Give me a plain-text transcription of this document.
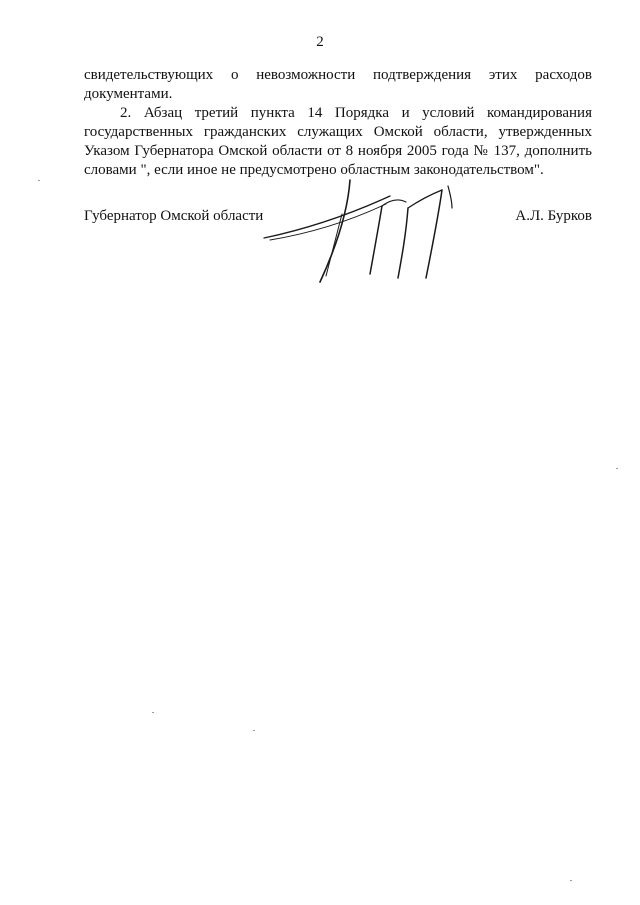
2
свидетельствующих о невозможности подтверждения этих расходов
документами.
2. Абзац третий пункта 14 Порядка и условий командирования
государственных гражданских служащих Омской области, утвержденных
Указом Губернатора Омской области от 8 ноября 2005 года № 137, дополнить
словами ", если иное не предусмотрено областным законодательством".
Губернатор Омской области	А.Л. Бурков
